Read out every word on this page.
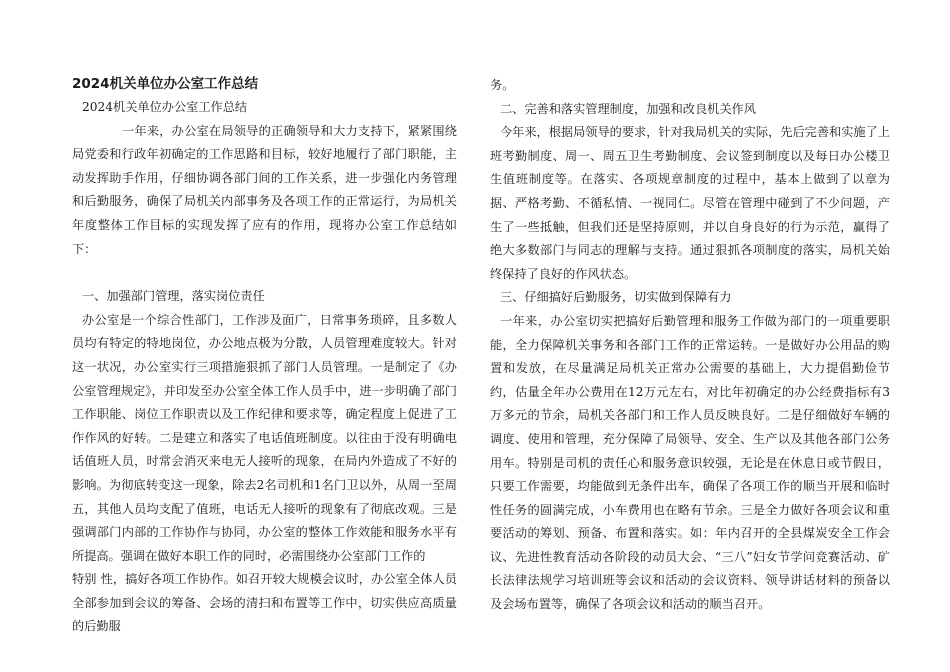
2024机关单位办公室工作总结

2024机关单位办公室工作总结

一年来，办公室在局领导的正确领导和大力支持下，紧紧围绕局党委和行政年初确定的工作思路和目标，较好地履行了部门职能，主动发挥助手作用，仔细协调各部门间的工作关系，进一步强化内务管理和后勤服务，确保了局机关内部事务及各项工作的正常运行，为局机关年度整体工作目标的实现发挥了应有的作用，现将办公室工作总结如下：

一、加强部门管理，落实岗位责任

办公室是一个综合性部门，工作涉及面广，日常事务琐碎，且多数人员均有特定的特地岗位，办公地点极为分散，人员管理难度较大。针对这一状况，办公室实行三项措施狠抓了部门人员管理。一是制定了《办公室管理规定》，并印发至办公室全体工作人员手中，进一步明确了部门工作职能、岗位工作职责以及工作纪律和要求等，确定程度上促进了工作作风的好转。二是建立和落实了电话值班制度。以往由于没有明确电话值班人员，时常会消灭来电无人接听的现象，在局内外造成了不好的影响。为彻底转变这一现象，除去2名司机和1名门卫以外，从周一至周五，其他人员均支配了值班，电话无人接听的现象有了彻底改观。三是强调部门内部的工作协作与协同，办公室的整体工作效能和服务水平有所提高。强调在做好本职工作的同时，必需围绕办公室部门工作的

特别 性，搞好各项工作协作。如召开较大规模会议时，办公室全体人员全部参加到会议的筹备、会场的清扫和布置等工作中，切实供应高质量的后勤服

务。

二、完善和落实管理制度，加强和改良机关作风

今年来，根据局领导的要求，针对我局机关的实际，先后完善和实施了上班考勤制度、周一、周五卫生考勤制度、会议签到制度以及每日办公楼卫生值班制度等。在落实、各项规章制度的过程中，基本上做到了以章为据、严格考勤、不循私情、一视同仁。尽管在管理中碰到了不少问题，产生了一些抵触，但我们还是坚持原则，并以自身良好的行为示范，赢得了绝大多数部门与同志的理解与支持。通过狠抓各项制度的落实，局机关始终保持了良好的作风状态。

三、仔细搞好后勤服务，切实做到保障有力

一年来，办公室切实把搞好后勤管理和服务工作做为部门的一项重要职能，全力保障机关事务和各部门工作的正常运转。一是做好办公用品的购置和发放，在尽量满足局机关正常办公需要的基础上，大力提倡勤俭节约，估量全年办公费用在12万元左右，对比年初确定的办公经费指标有3万多元的节余，局机关各部门和工作人员反映良好。二是仔细做好车辆的调度、使用和管理，充分保障了局领导、安全、生产以及其他各部门公务用车。特别是司机的责任心和服务意识较强，无论是在休息日或节假日，只要工作需要，均能做到无条件出车，确保了各项工作的顺当开展和临时性任务的圆满完成，小车费用也在略有节余。三是全力做好各项会议和重要活动的筹划、预备、布置和落实。如：年内召开的全县煤炭安全工作会议、先进性教育活动各阶段的动员大会、“三八”妇女节学问竞赛活动、矿长法律法规学习培训班等会议和活动的会议资料、领导讲话材料的预备以及会场布置等，确保了各项会议和活动的顺当召开。
